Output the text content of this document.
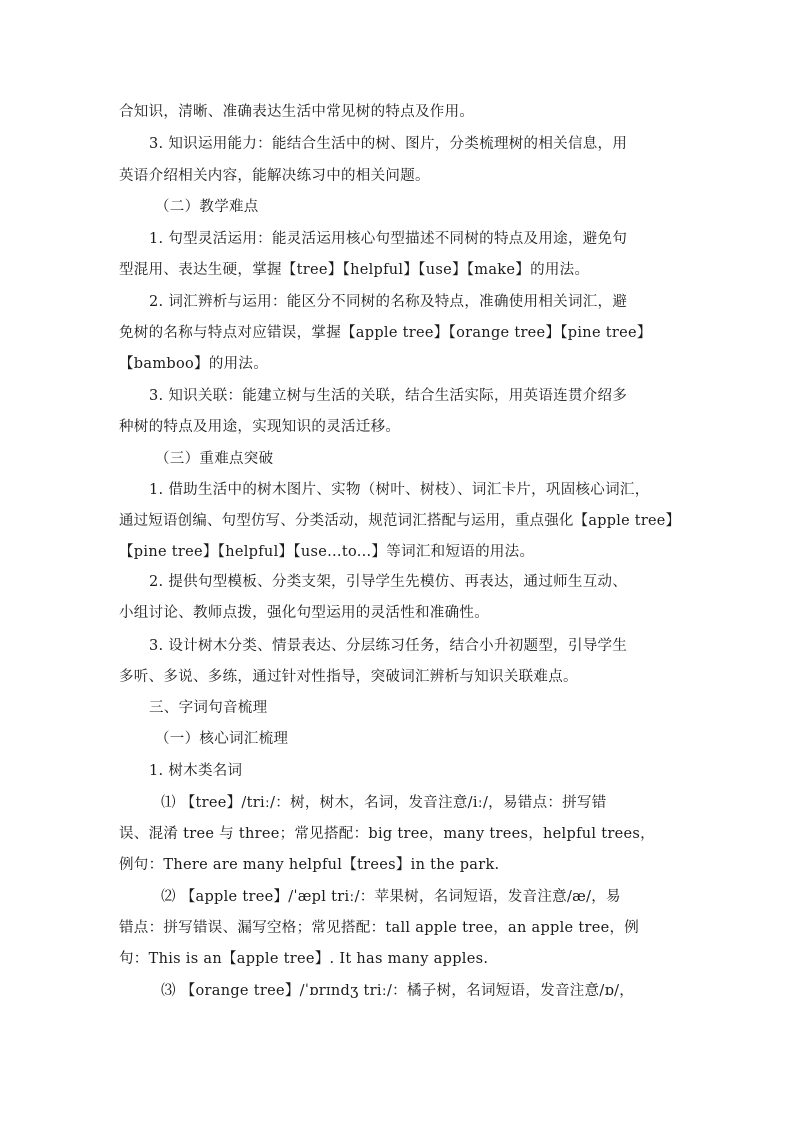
合知识，清晰、准确表达生活中常见树的特点及作用。
3. 知识运用能力：能结合生活中的树、图片，分类梳理树的相关信息，用
英语介绍相关内容，能解决练习中的相关问题。
（二）教学难点
1. 句型灵活运用：能灵活运用核心句型描述不同树的特点及用途，避免句
型混用、表达生硬，掌握【tree】【helpful】【use】【make】的用法。
2. 词汇辨析与运用：能区分不同树的名称及特点，准确使用相关词汇，避
免树的名称与特点对应错误，掌握【apple tree】【orange tree】【pine tree】
【bamboo】的用法。
3. 知识关联：能建立树与生活的关联，结合生活实际，用英语连贯介绍多
种树的特点及用途，实现知识的灵活迁移。
（三）重难点突破
1. 借助生活中的树木图片、实物（树叶、树枝）、词汇卡片，巩固核心词汇，
通过短语创编、句型仿写、分类活动，规范词汇搭配与运用，重点强化【apple tree】
【pine tree】【helpful】【use...to...】等词汇和短语的用法。
2. 提供句型模板、分类支架，引导学生先模仿、再表达，通过师生互动、
小组讨论、教师点拨，强化句型运用的灵活性和准确性。
3. 设计树木分类、情景表达、分层练习任务，结合小升初题型，引导学生
多听、多说、多练，通过针对性指导，突破词汇辨析与知识关联难点。
三、字词句音梳理
（一）核心词汇梳理
1. 树木类名词
⑴ 【tree】/triː/：树，树木，名词，发音注意/iː/，易错点：拼写错
误、混淆 tree 与 three；常见搭配：big tree，many trees，helpful trees，
例句：There are many helpful【trees】in the park.
⑵ 【apple tree】/ˈæpl triː/：苹果树，名词短语，发音注意/æ/，易
错点：拼写错误、漏写空格；常见搭配：tall apple tree，an apple tree，例
句：This is an【apple tree】. It has many apples.
⑶ 【orange tree】/ˈɒrɪndʒ triː/：橘子树，名词短语，发音注意/ɒ/，
